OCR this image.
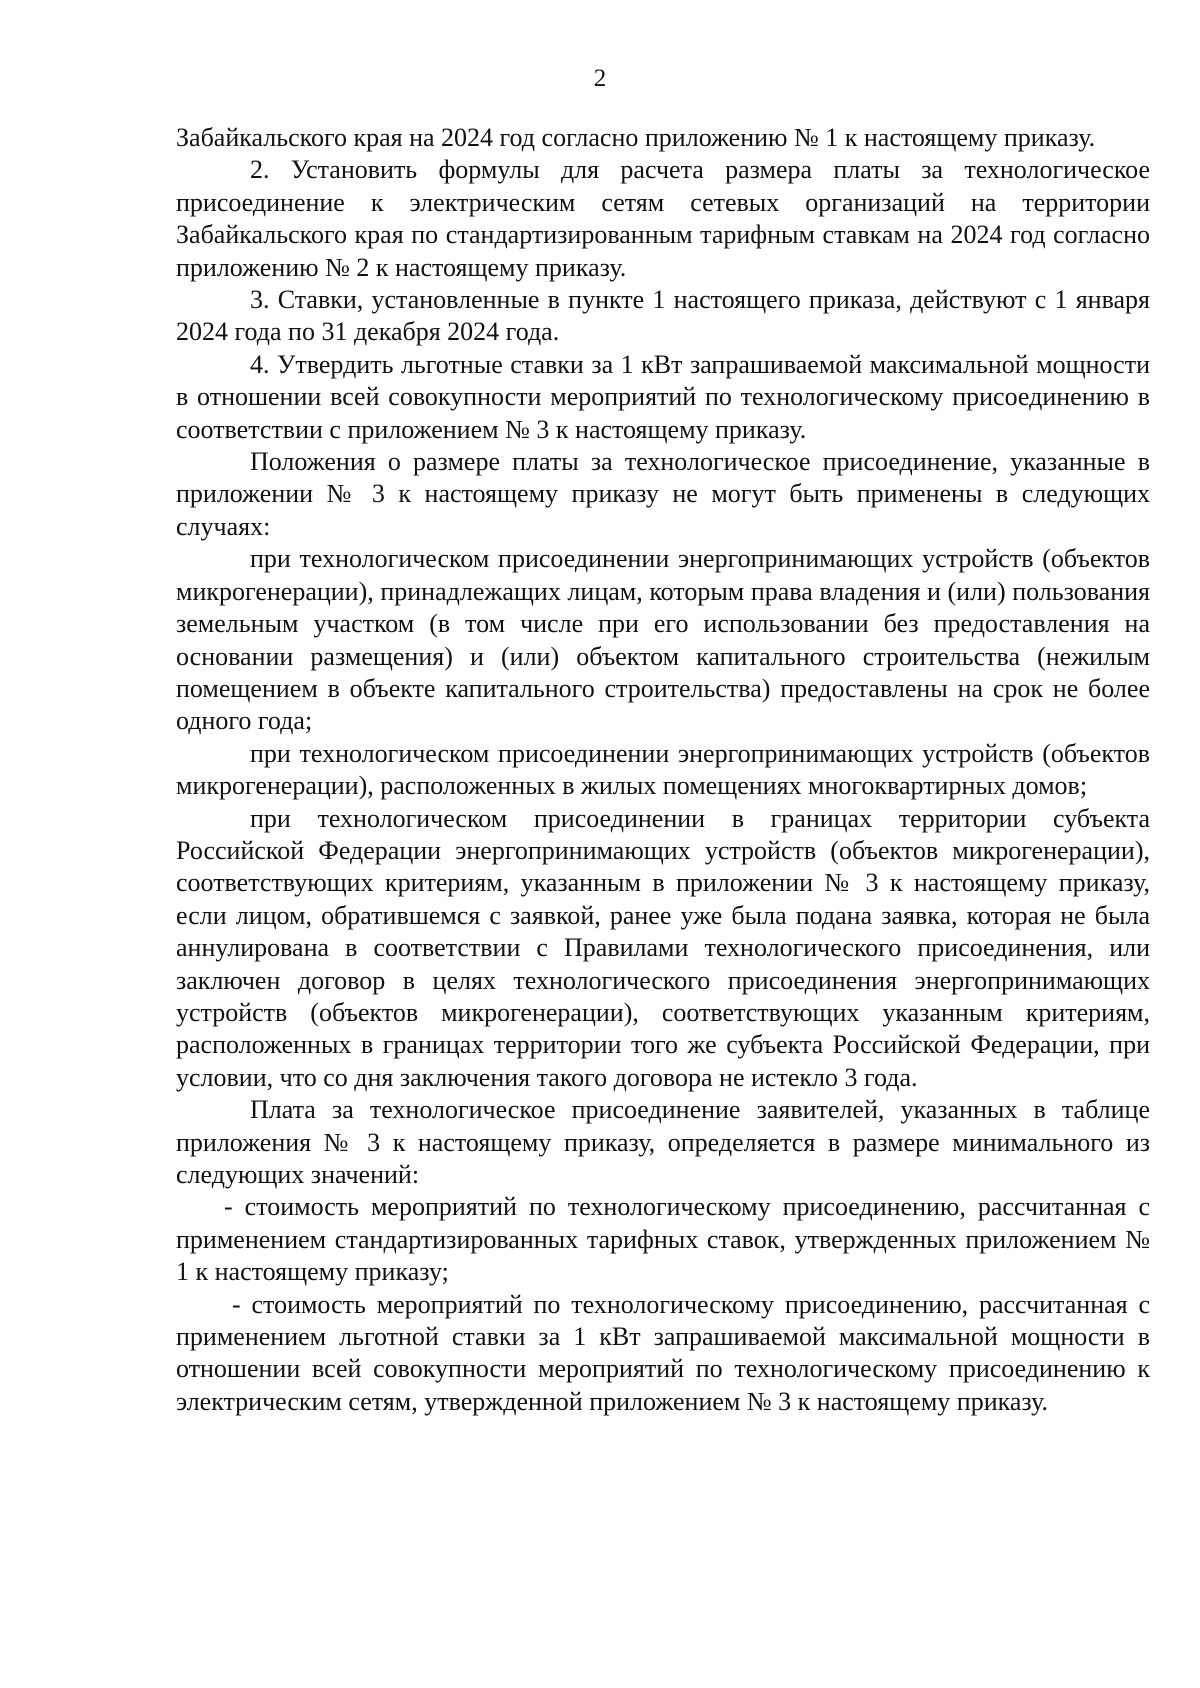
2

Забайкальского края на 2024 год согласно приложению № 1 к настоящему приказу.

2. Установить формулы для расчета размера платы за технологическое присоединение к электрическим сетям сетевых организаций на территории Забайкальского края по стандартизированным тарифным ставкам на 2024 год согласно приложению № 2 к настоящему приказу.

3. Ставки, установленные в пункте 1 настоящего приказа, действуют с 1 января 2024 года по 31 декабря 2024 года.

4. Утвердить льготные ставки за 1 кВт запрашиваемой максимальной мощности в отношении всей совокупности мероприятий по технологическому присоединению в соответствии с приложением № 3 к настоящему приказу.

Положения о размере платы за технологическое присоединение, указанные в приложении № 3 к настоящему приказу не могут быть применены в следующих случаях:

при технологическом присоединении энергопринимающих устройств (объектов микрогенерации), принадлежащих лицам, которым права владения и (или) пользования земельным участком (в том числе при его использовании без предоставления на основании размещения) и (или) объектом капитального строительства (нежилым помещением в объекте капитального строительства) предоставлены на срок не более одного года;

при технологическом присоединении энергопринимающих устройств (объектов микрогенерации), расположенных в жилых помещениях многоквартирных домов;

при технологическом присоединении в границах территории субъекта Российской Федерации энергопринимающих устройств (объектов микрогенерации), соответствующих критериям, указанным в приложении № 3 к настоящему приказу, если лицом, обратившемся с заявкой, ранее уже была подана заявка, которая не была аннулирована в соответствии с Правилами технологического присоединения, или заключен договор в целях технологического присоединения энергопринимающих устройств (объектов микрогенерации), соответствующих указанным критериям, расположенных в границах территории того же субъекта Российской Федерации, при условии, что со дня заключения такого договора не истекло 3 года.

Плата за технологическое присоединение заявителей, указанных в таблице приложения № 3 к настоящему приказу, определяется в размере минимального из следующих значений:

- стоимость мероприятий по технологическому присоединению, рассчитанная с применением стандартизированных тарифных ставок, утвержденных приложением № 1 к настоящему приказу;

- стоимость мероприятий по технологическому присоединению, рассчитанная с применением льготной ставки за 1 кВт запрашиваемой максимальной мощности в отношении всей совокупности мероприятий по технологическому присоединению к электрическим сетям, утвержденной приложением № 3 к настоящему приказу.
